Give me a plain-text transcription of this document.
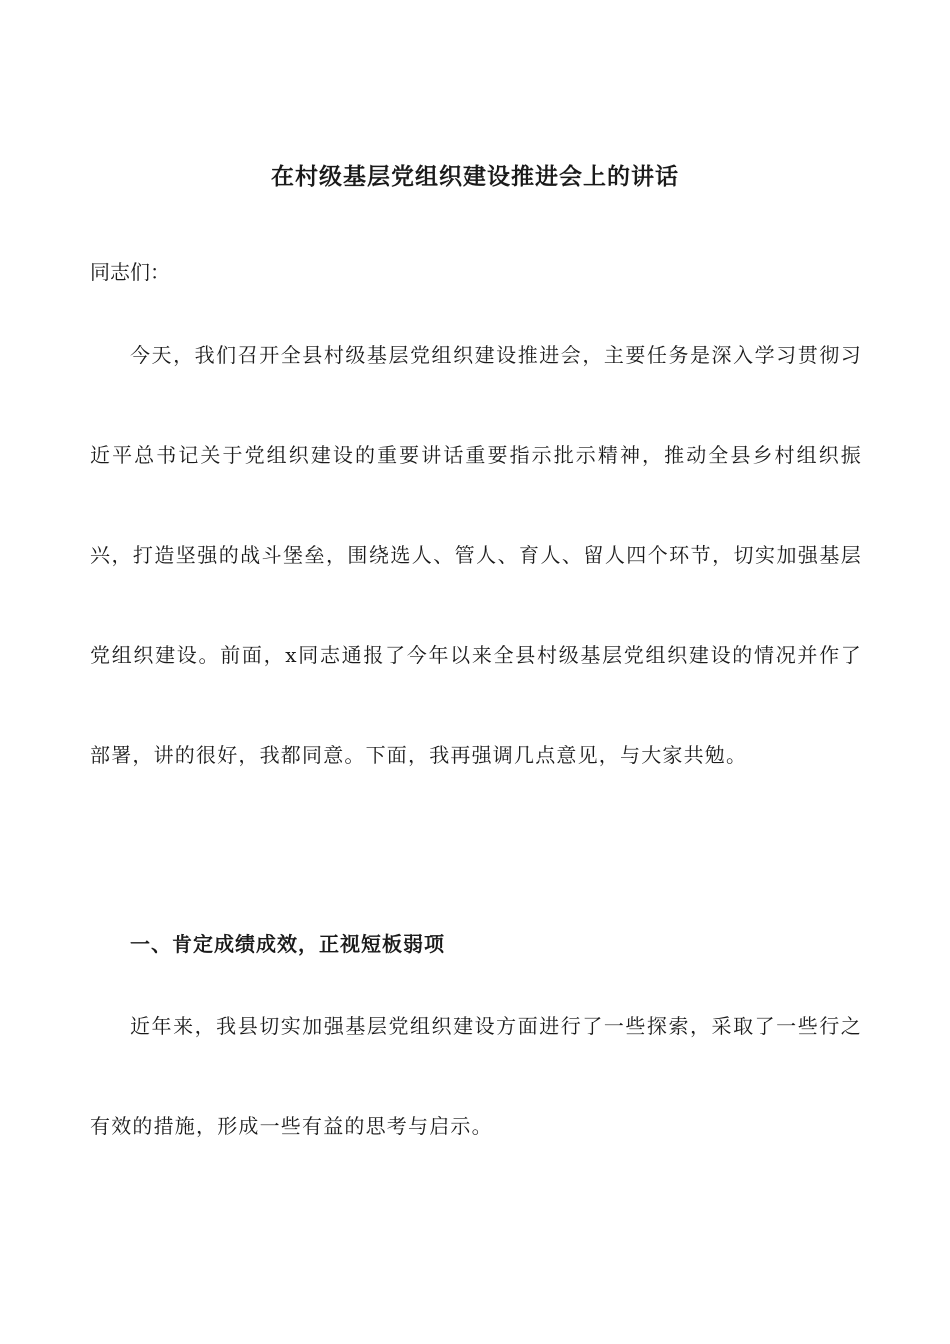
在村级基层党组织建设推进会上的讲话
同志们：

今天，我们召开全县村级基层党组织建设推进会，主要任务是深入学习贯彻习近平总书记关于党组织建设的重要讲话重要指示批示精神，推动全县乡村组织振兴，打造坚强的战斗堡垒，围绕选人、管人、育人、留人四个环节，切实加强基层党组织建设。前面，x同志通报了今年以来全县村级基层党组织建设的情况并作了部署，讲的很好，我都同意。下面，我再强调几点意见，与大家共勉。

一、肯定成绩成效，正视短板弱项

近年来，我县切实加强基层党组织建设方面进行了一些探索，采取了一些行之有效的措施，形成一些有益的思考与启示。
